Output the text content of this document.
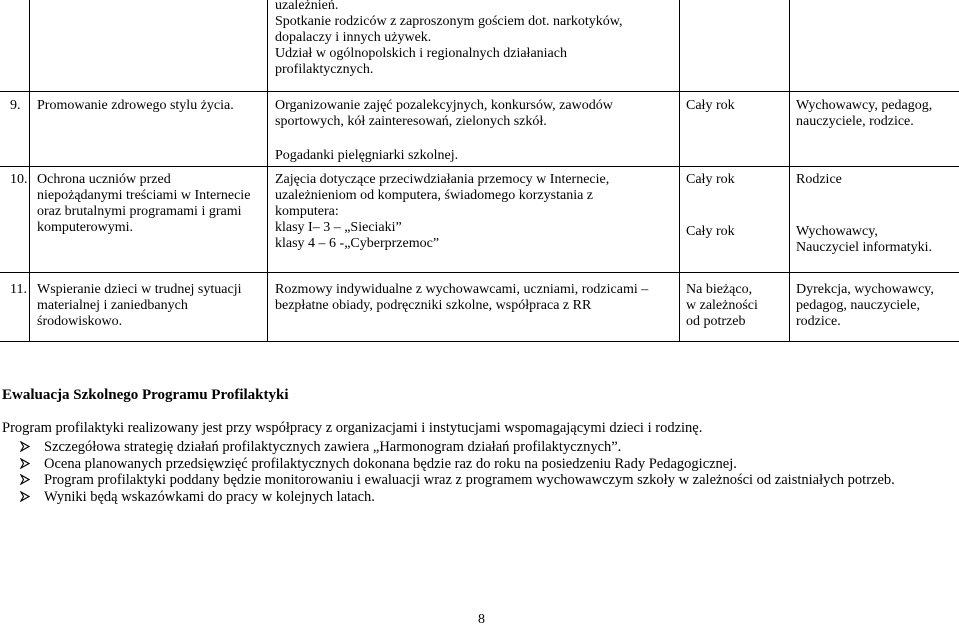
uzależnień.
Spotkanie rodziców z zaproszonym gościem dot. narkotyków,
dopalaczy i innych używek.
Udział w ogólnopolskich i regionalnych działaniach
profilaktycznych.
9. Promowanie zdrowego stylu życia.	Organizowanie zajęć pozalekcyjnych, konkursów, zawodów
sportowych, kół zainteresowań, zielonych szkół.
Pogadanki pielęgniarki szkolnej.
Cały rok	Wychowawcy, pedagog,
nauczyciele, rodzice.
10. Ochrona uczniów przed
niepożądanymi treściami w Internecie
oraz brutalnymi programami i grami
komputerowymi.
Zajęcia dotyczące przeciwdziałania przemocy w Internecie,
uzależnieniom od komputera, świadomego korzystania z
komputera:
klasy I– 3 – „Sieciaki”
klasy 4 – 6 -„Cyberprzemoc”
Cały rok
Cały rok
Rodzice
Wychowawcy,
Nauczyciel informatyki.
11. Wspieranie dzieci w trudnej sytuacji
materialnej i zaniedbanych
środowiskowo.
Rozmowy indywidualne z wychowawcami, uczniami, rodzicami –
bezpłatne obiady, podręczniki szkolne, współpraca z RR
Na bieżąco,
w zależności
od potrzeb
Dyrekcja, wychowawcy,
pedagog, nauczyciele,
rodzice.
Ewaluacja Szkolnego Programu Profilaktyki
Program profilaktyki realizowany jest przy współpracy z organizacjami i instytucjami wspomagającymi dzieci i rodzinę.
Szczegółowa strategię działań profilaktycznych zawiera „Harmonogram działań profilaktycznych”.
Ocena planowanych przedsięwzięć profilaktycznych dokonana będzie raz do roku na posiedzeniu Rady Pedagogicznej.
Program profilaktyki poddany będzie monitorowaniu i ewaluacji wraz z programem wychowawczym szkoły w zależności od zaistniałych potrzeb.
Wyniki będą wskazówkami do pracy w kolejnych latach.
8
